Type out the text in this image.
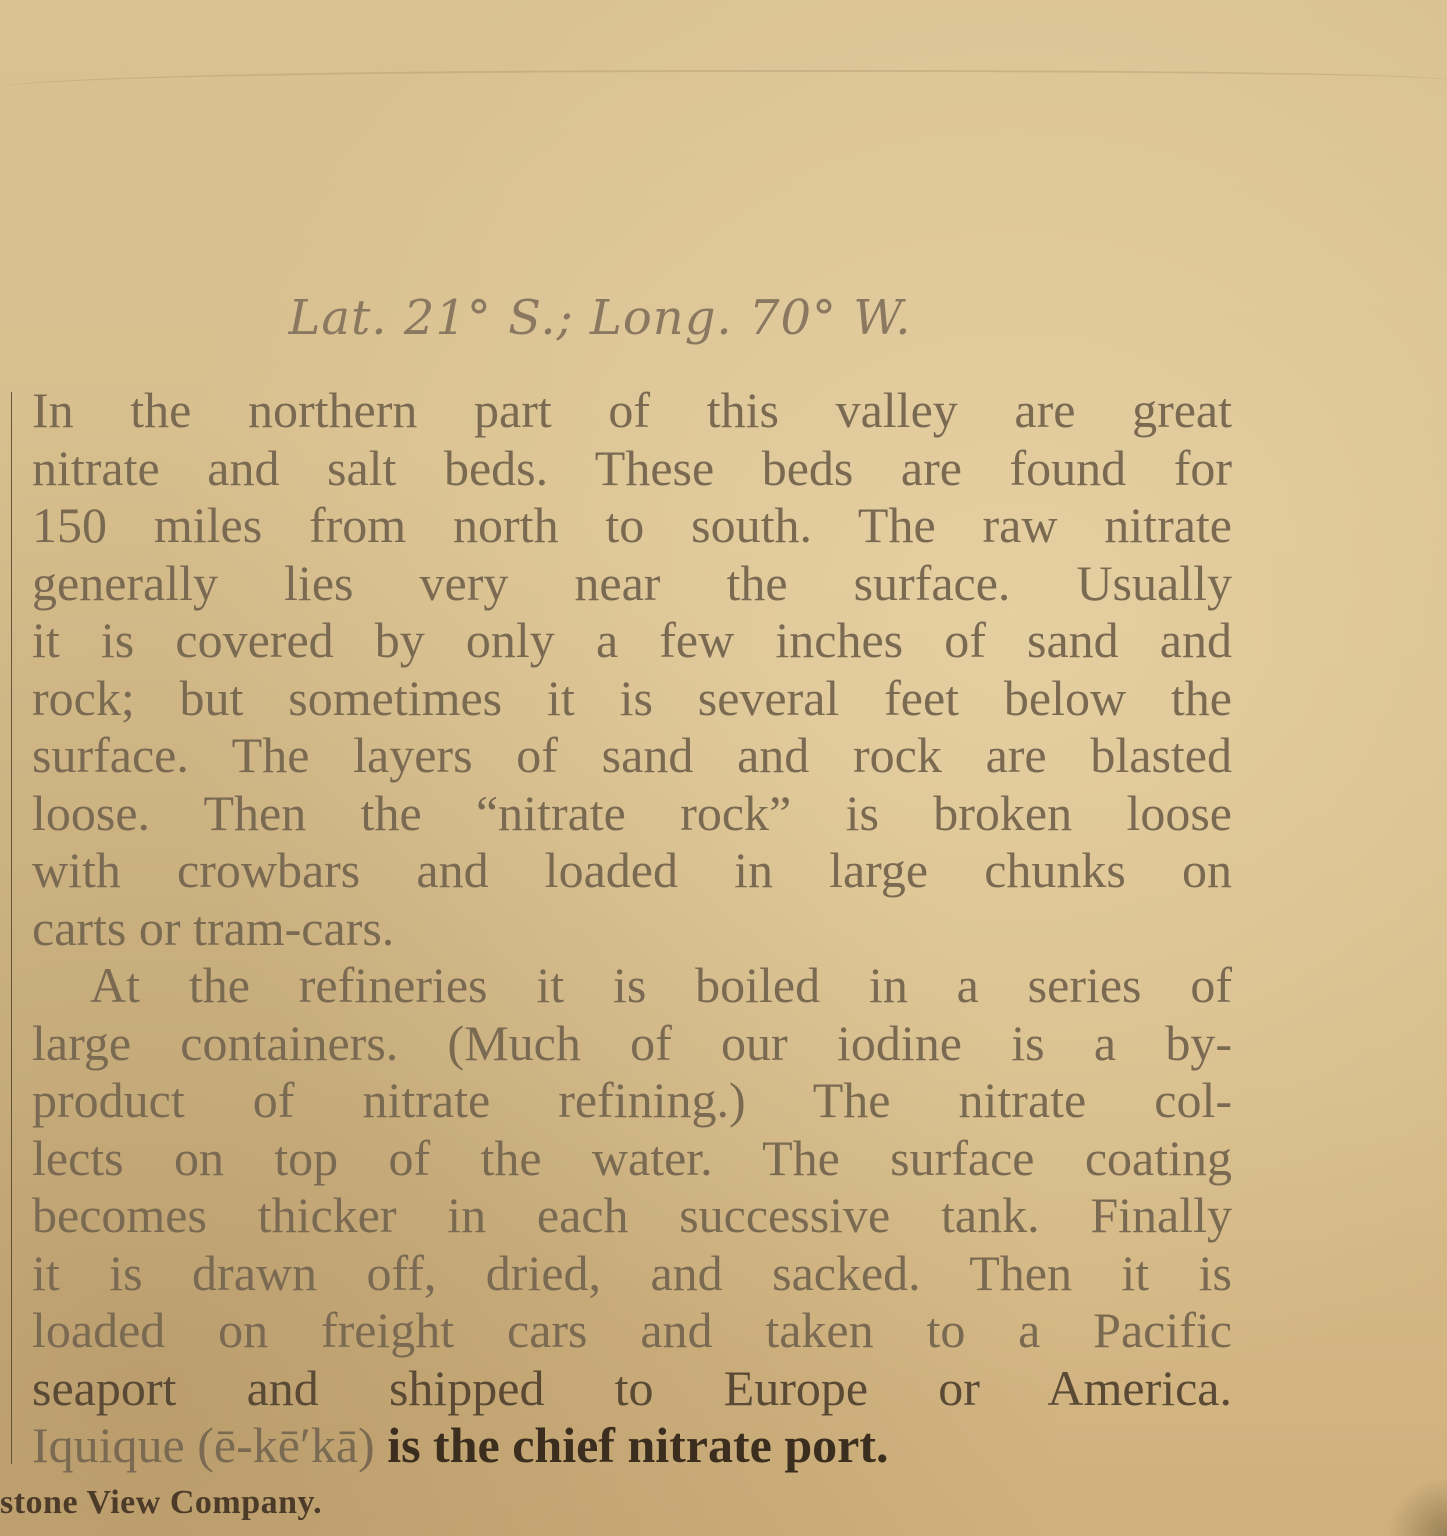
Lat. 21° S.; Long. 70° W.
In the northern part of this valley are great
nitrate and salt beds. These beds are found for
150 miles from north to south. The raw nitrate
generally lies very near the surface. Usually
it is covered by only a few inches of sand and
rock; but sometimes it is several feet below the
surface. The layers of sand and rock are blasted
loose. Then the “nitrate rock” is broken loose
with crowbars and loaded in large chunks on
carts or tram-cars.
At the refineries it is boiled in a series of
large containers. (Much of our iodine is a by-
product of nitrate refining.) The nitrate col-
lects on top of the water. The surface coating
becomes thicker in each successive tank. Finally
it is drawn off, dried, and sacked. Then it is
loaded on freight cars and taken to a Pacific
seaport and shipped to Europe or America.
Iquique (ē-kē′kā) is the chief nitrate port.
stone View Company.
